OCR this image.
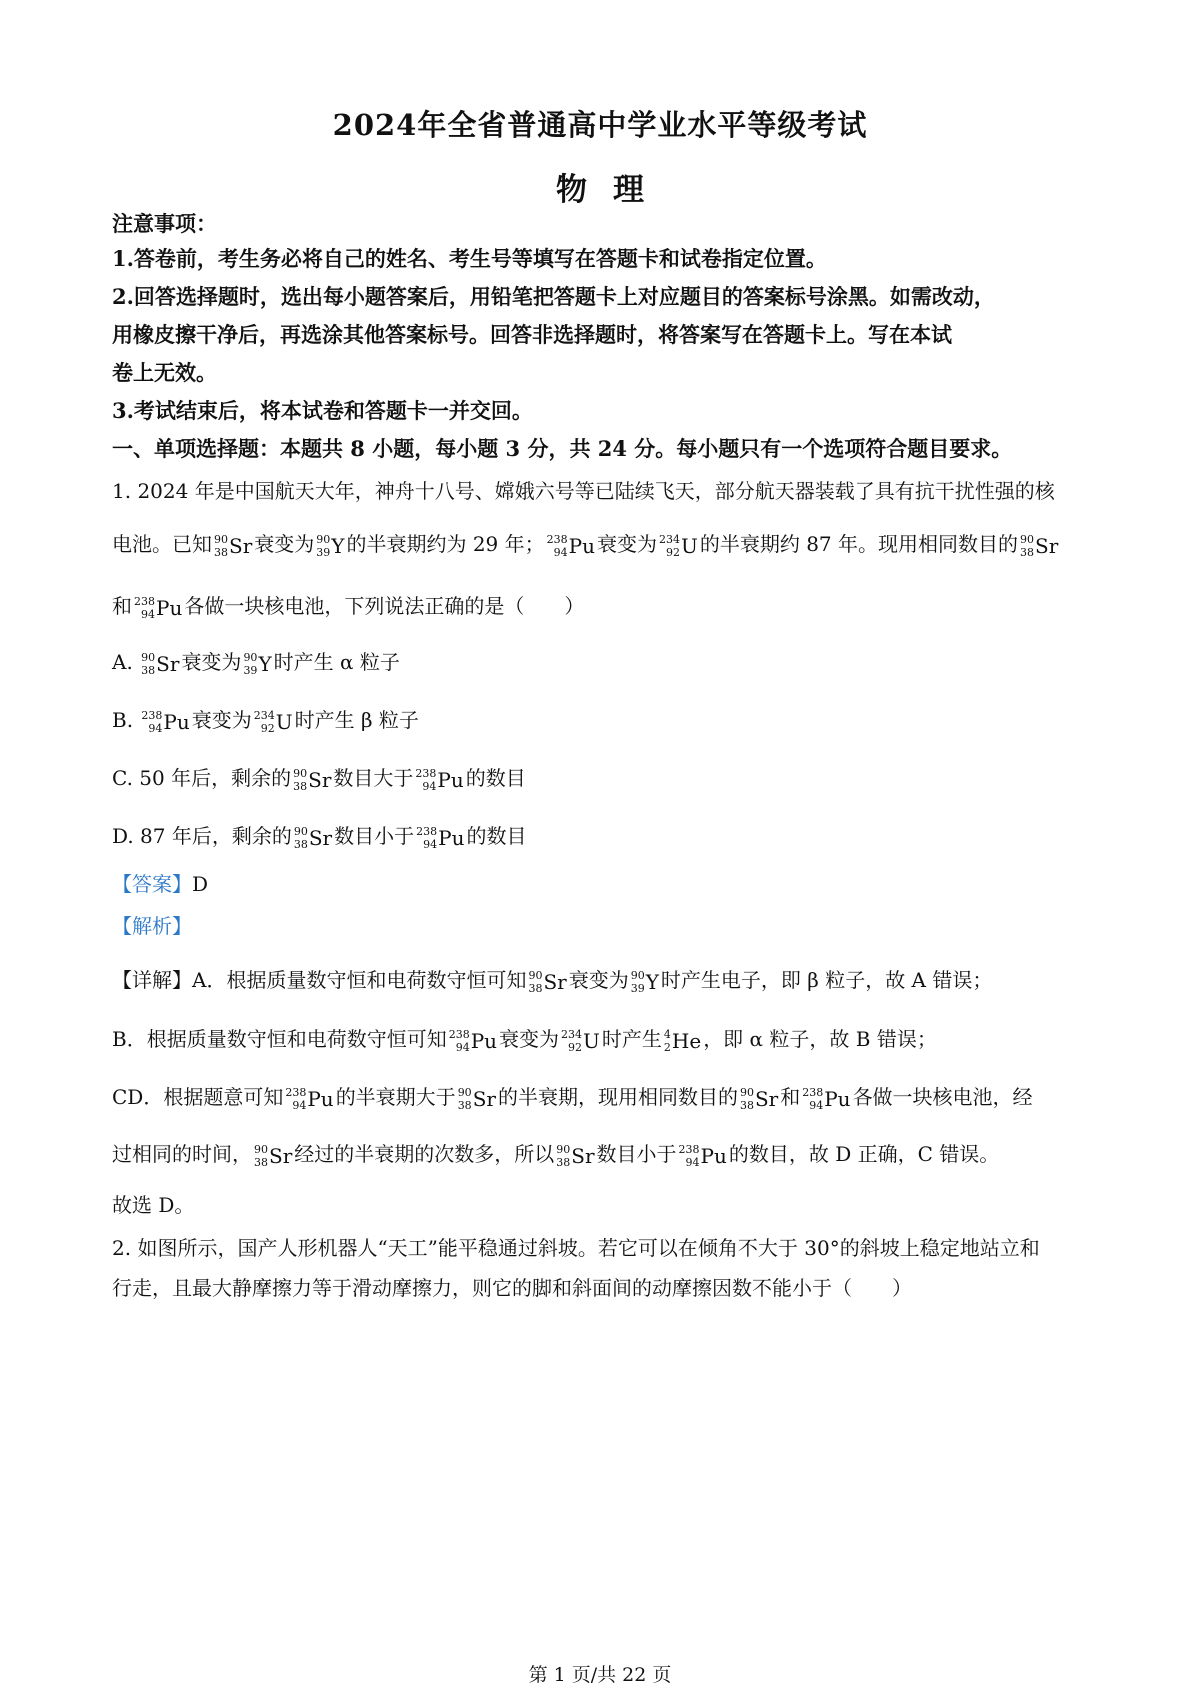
2024年全省普通高中学业水平等级考试
物理
注意事项：
1.答卷前，考生务必将自己的姓名、考生号等填写在答题卡和试卷指定位置。
2.回答选择题时，选出每小题答案后，用铅笔把答题卡上对应题目的答案标号涂黑。如需改动，
用橡皮擦干净后，再选涂其他答案标号。回答非选择题时，将答案写在答题卡上。写在本试
卷上无效。
3.考试结束后，将本试卷和答题卡一并交回。
一、单项选择题：本题共 8 小题，每小题 3 分，共 24 分。每小题只有一个选项符合题目要求。
1. 2024 年是中国航天大年，神舟十八号、嫦娥六号等已陆续飞天，部分航天器装载了具有抗干扰性强的核
电池。已知 90
38 Sr 衰变为 90
39 Y 的半衰期约为 29 年； 238
94 Pu 衰变为 234
92 U 的半衰期约 87 年。现用相同数目的 90
38 Sr
和 238
94 Pu 各做一块核电池，下列说法正确的是（　　）
A. 90
38 Sr 衰变为 90
39 Y 时产生 α 粒子
B. 238
94 Pu 衰变为 234
92 U 时产生 β 粒子
C. 50 年后，剩余的 90
38 Sr 数目大于 238
94 Pu 的数目
D. 87 年后，剩余的 90
38 Sr 数目小于 238
94 Pu 的数目
【答案】D
【解析】
【详解】A．根据质量数守恒和电荷数守恒可知 90
38 Sr 衰变为 90
39 Y 时产生电子，即 β 粒子，故 A 错误；
B．根据质量数守恒和电荷数守恒可知 238
94 Pu 衰变为 234
92 U 时产生 4
2 He ，即 α 粒子，故 B 错误；
CD．根据题意可知 238
94 Pu 的半衰期大于 90
38 Sr 的半衰期，现用相同数目的 90
38 Sr 和 238
94 Pu 各做一块核电池，经
过相同的时间， 90
38 Sr 经过的半衰期的次数多，所以 90
38 Sr 数目小于 238
94 Pu 的数目，故 D 正确，C 错误。
故选 D。
2. 如图所示，国产人形机器人“天工”能平稳通过斜坡。若它可以在倾角不大于 30°的斜坡上稳定地站立和
行走，且最大静摩擦力等于滑动摩擦力，则它的脚和斜面间的动摩擦因数不能小于（　　）
第 1 页/共 22 页
